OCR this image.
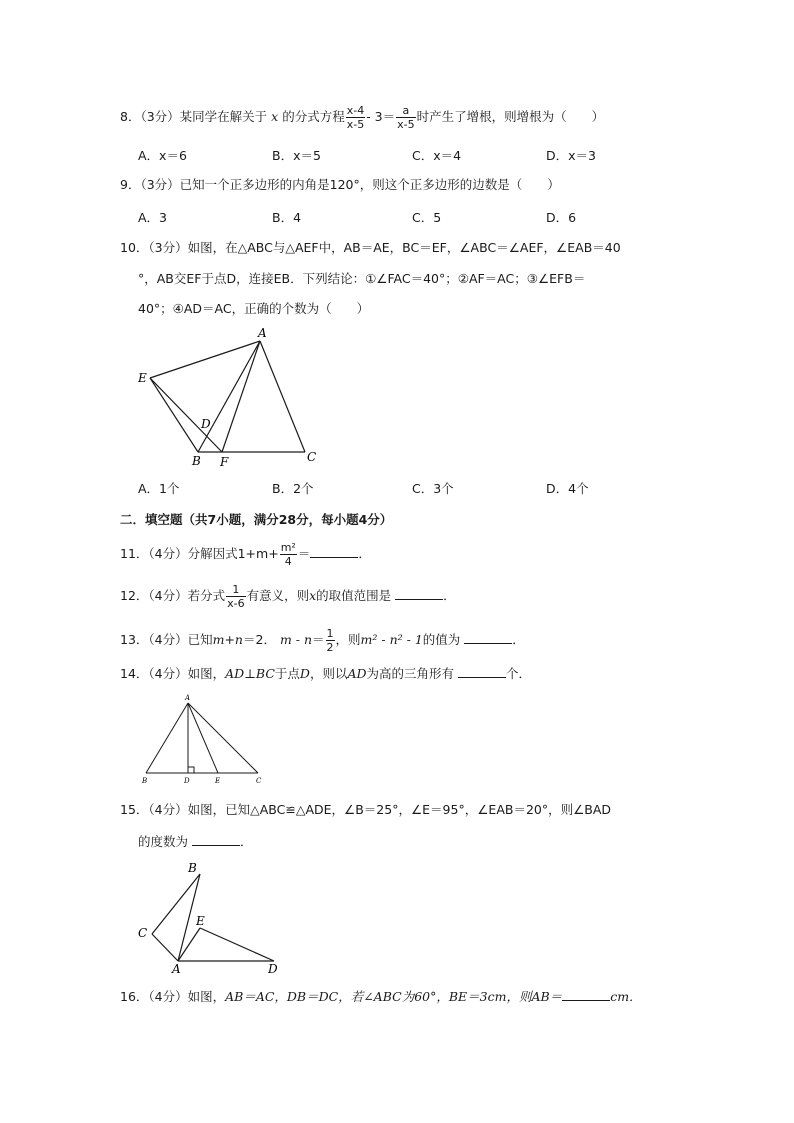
8．（3分）某同学在解关于 x 的分式方程 $\frac{x-4}{x-5} - 3= \frac{a}{x-5}$ 时产生了增根，则增根为（　　）
A．x＝6	B．x＝5	C．x＝4	D．x＝3
9．（3分）已知一个正多边形的内角是120°，则这个正多边形的边数是（　　）
A．3	B．4	C．5	D．6
10．（3分）如图，在△ABC与△AEF中，AB＝AE，BC＝EF，∠ABC＝∠AEF，∠EAB＝40
°，AB交EF于点D，连接EB．下列结论：①∠FAC＝40°；②AF＝AC；③∠EFB＝
40°；④AD＝AC，正确的个数为（　　）
A
E
D
B F	C
A．1个	B．2个	C．3个	D．4个
二．填空题（共7小题，满分28分，每小题4分）
11．（4分）分解因式$1+m+ \frac{\text{m²}}{4}$ ＝	．
12．（4分）若分式 $\frac{1}{x-6}$ 有意义，则x的取值范围是	．
13．（4分）已知m+n＝2． $m - n= \frac{1}{2}$ ，则m² - n² - 1的值为	．
14．（4分）如图，AD⊥BC于点D，则以AD为高的三角形有	个．
A
B	D	E	C
15．（4分）如图，已知△ABC≌△ADE，∠B＝25°，∠E＝95°，∠EAB＝20°，则∠BAD
的度数为	．
B
C
E
A	D
16．（4分）如图，AB＝AC，DB＝DC，若∠ABC为60°，BE＝3cm，则AB＝	cm．
